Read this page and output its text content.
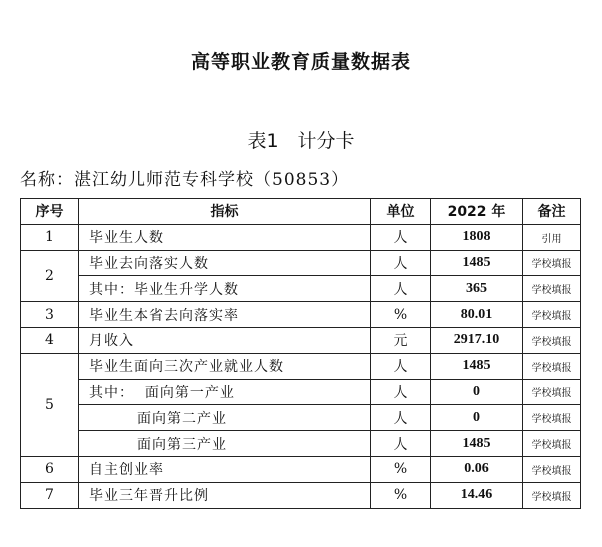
高等职业教育质量数据表
表1　计分卡
名称：湛江幼儿师范专科学校（50853）
序号	指标	单位	2022 年	备注
1	毕业生人数	人	1808	引用
2	毕业去向落实人数	人	1485	学校填报
	其中：毕业生升学人数	人	365	学校填报
3	毕业生本省去向落实率	%	80.01	学校填报
4	月收入	元	2917.10	学校填报
5	毕业生面向三次产业就业人数	人	1485	学校填报
	其中：  面向第一产业	人	0	学校填报
	面向第二产业	人	0	学校填报
	面向第三产业	人	1485	学校填报
6	自主创业率	%	0.06	学校填报
7	毕业三年晋升比例	%	14.46	学校填报
